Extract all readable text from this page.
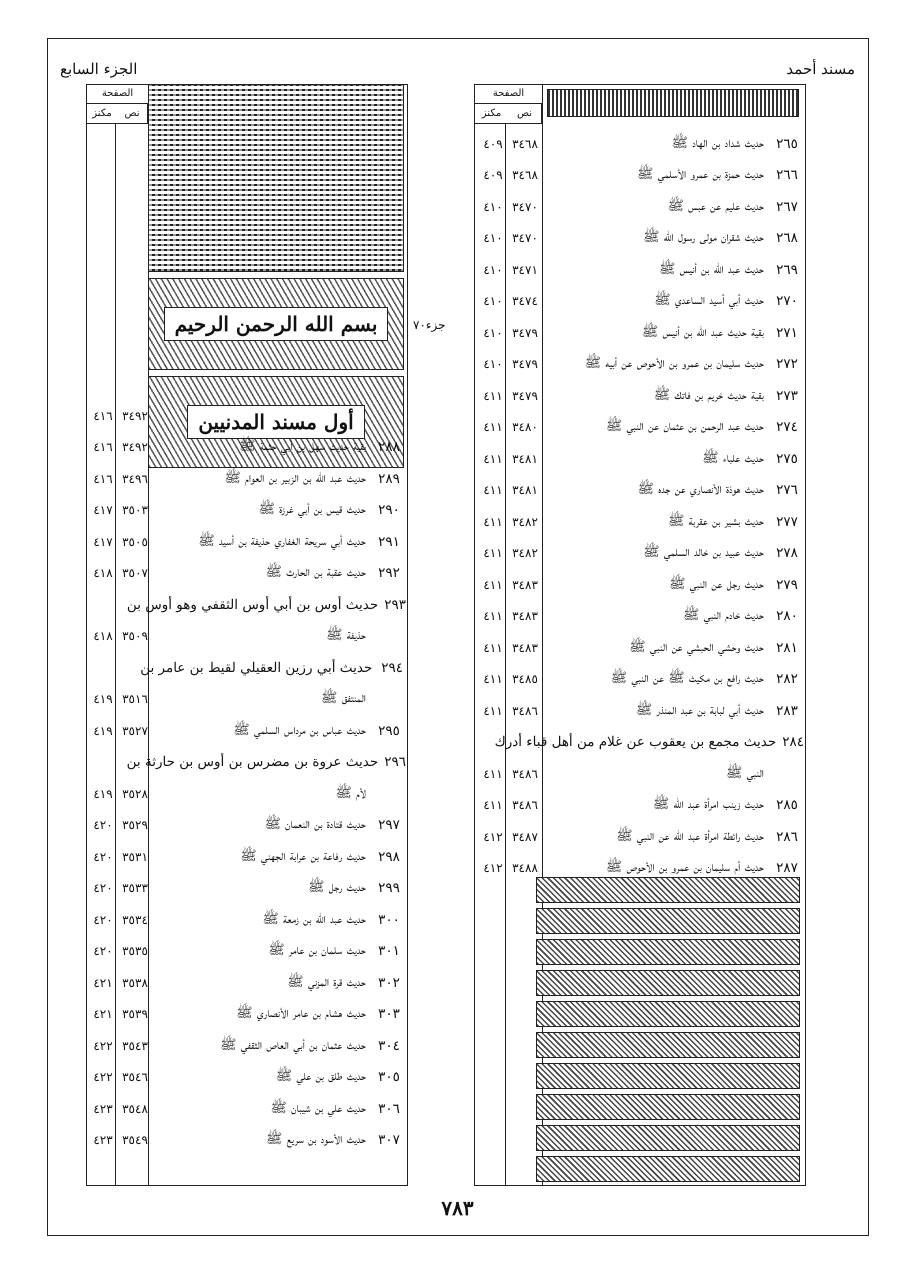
مسند أحمد
الجزء السابع
الصفحة
مكنز	نص
٢٦٥
حديث شداد بن الهاد ﷺ
٣٤٦٨
٤٠٩
٢٦٦
حديث حمزة بن عمرو الأسلمي ﷺ
٣٤٦٨
٤٠٩
٢٦٧
حديث عليم عن عبس ﷺ
٣٤٧٠
٤١٠
٢٦٨
حديث شقران مولى رسول الله ﷺ
٣٤٧٠
٤١٠
٢٦٩
حديث عبد الله بن أنيس ﷺ
٣٤٧١
٤١٠
٢٧٠
حديث أبي أسيد الساعدي ﷺ
٣٤٧٤
٤١٠
٢٧١
بقية حديث عبد الله بن أنيس ﷺ
٣٤٧٩
٤١٠
٢٧٢
حديث سليمان بن عمرو بن الأحوص عن أبيه ﷺ
٣٤٧٩
٤١٠
٢٧٣
بقية حديث خريم بن فاتك ﷺ
٣٤٧٩
٤١١
٢٧٤
حديث عبد الرحمن بن عثمان عن النبي ﷺ
٣٤٨٠
٤١١
٢٧٥
حديث علباء ﷺ
٣٤٨١
٤١١
٢٧٦
حديث هوذة الأنصاري عن جده ﷺ
٣٤٨١
٤١١
٢٧٧
حديث بشير بن عقربة ﷺ
٣٤٨٢
٤١١
٢٧٨
حديث عبيد بن خالد السلمي ﷺ
٣٤٨٢
٤١١
٢٧٩
حديث رجل عن النبي ﷺ
٣٤٨٣
٤١١
٢٨٠
حديث خادم النبي ﷺ
٣٤٨٣
٤١١
٢٨١
حديث وحشي الحبشي عن النبي ﷺ
٣٤٨٣
٤١١
٢٨٢
حديث رافع بن مكيث ﷺ عن النبي ﷺ
٣٤٨٥
٤١١
٢٨٣
حديث أبي لبابة بن عبد المنذر ﷺ
٣٤٨٦
٤١١
٢٨٤
حديث مجمع بن يعقوب عن غلام من أهل قباء أدرك
النبي ﷺ
٣٤٨٦
٤١١
٢٨٥
حديث زينب امرأة عبد الله ﷺ
٣٤٨٦
٤١١
٢٨٦
حديث رائطة امرأة عبد الله عن النبي ﷺ
٣٤٨٧
٤١٢
٢٨٧
حديث أم سليمان بن عمرو بن الأحوص ﷺ
٣٤٨٨
٤١٢
الصفحة
مكنز	نص
بسم الله الرحمن الرحيم
أول مسند المدنيين
جزء٧٠
٣٤٩٢
٤١٦
٢٨٨
بقية حديث سهل بن أبي حثمة ﷺ
٣٤٩٢
٤١٦
٢٨٩
حديث عبد الله بن الزبير بن العوام ﷺ
٣٤٩٦
٤١٦
٢٩٠
حديث قيس بن أبي غرزة ﷺ
٣٥٠٣
٤١٧
٢٩١
حديث أبي سريحة الغفاري حذيفة بن أسيد ﷺ
٣٥٠٥
٤١٧
٢٩٢
حديث عقبة بن الحارث ﷺ
٣٥٠٧
٤١٨
٢٩٣
حديث أوس بن أبي أوس الثقفي وهو أوس بن
حذيفة ﷺ
٣٥٠٩
٤١٨
٢٩٤
حديث أبي رزين العقيلي لقيط بن عامر بن
المنتفق ﷺ
٣٥١٦
٤١٩
٢٩٥
حديث عباس بن مرداس السلمي ﷺ
٣٥٢٧
٤١٩
٢٩٦
حديث عروة بن مضرس بن أوس بن حارثة بن
لأم ﷺ
٣٥٢٨
٤١٩
٢٩٧
حديث قتادة بن النعمان ﷺ
٣٥٢٩
٤٢٠
٢٩٨
حديث رفاعة بن عرابة الجهني ﷺ
٣٥٣١
٤٢٠
٢٩٩
حديث رجل ﷺ
٣٥٣٣
٤٢٠
٣٠٠
حديث عبد الله بن زمعة ﷺ
٣٥٣٤
٤٢٠
٣٠١
حديث سلمان بن عامر ﷺ
٣٥٣٥
٤٢٠
٣٠٢
حديث قرة المزني ﷺ
٣٥٣٨
٤٢١
٣٠٣
حديث هشام بن عامر الأنصاري ﷺ
٣٥٣٩
٤٢١
٣٠٤
حديث عثمان بن أبي العاص الثقفي ﷺ
٣٥٤٣
٤٢٢
٣٠٥
حديث طلق بن علي ﷺ
٣٥٤٦
٤٢٢
٣٠٦
حديث علي بن شيبان ﷺ
٣٥٤٨
٤٢٣
٣٠٧
حديث الأسود بن سريع ﷺ
٣٥٤٩
٤٢٣
٧٨٣
